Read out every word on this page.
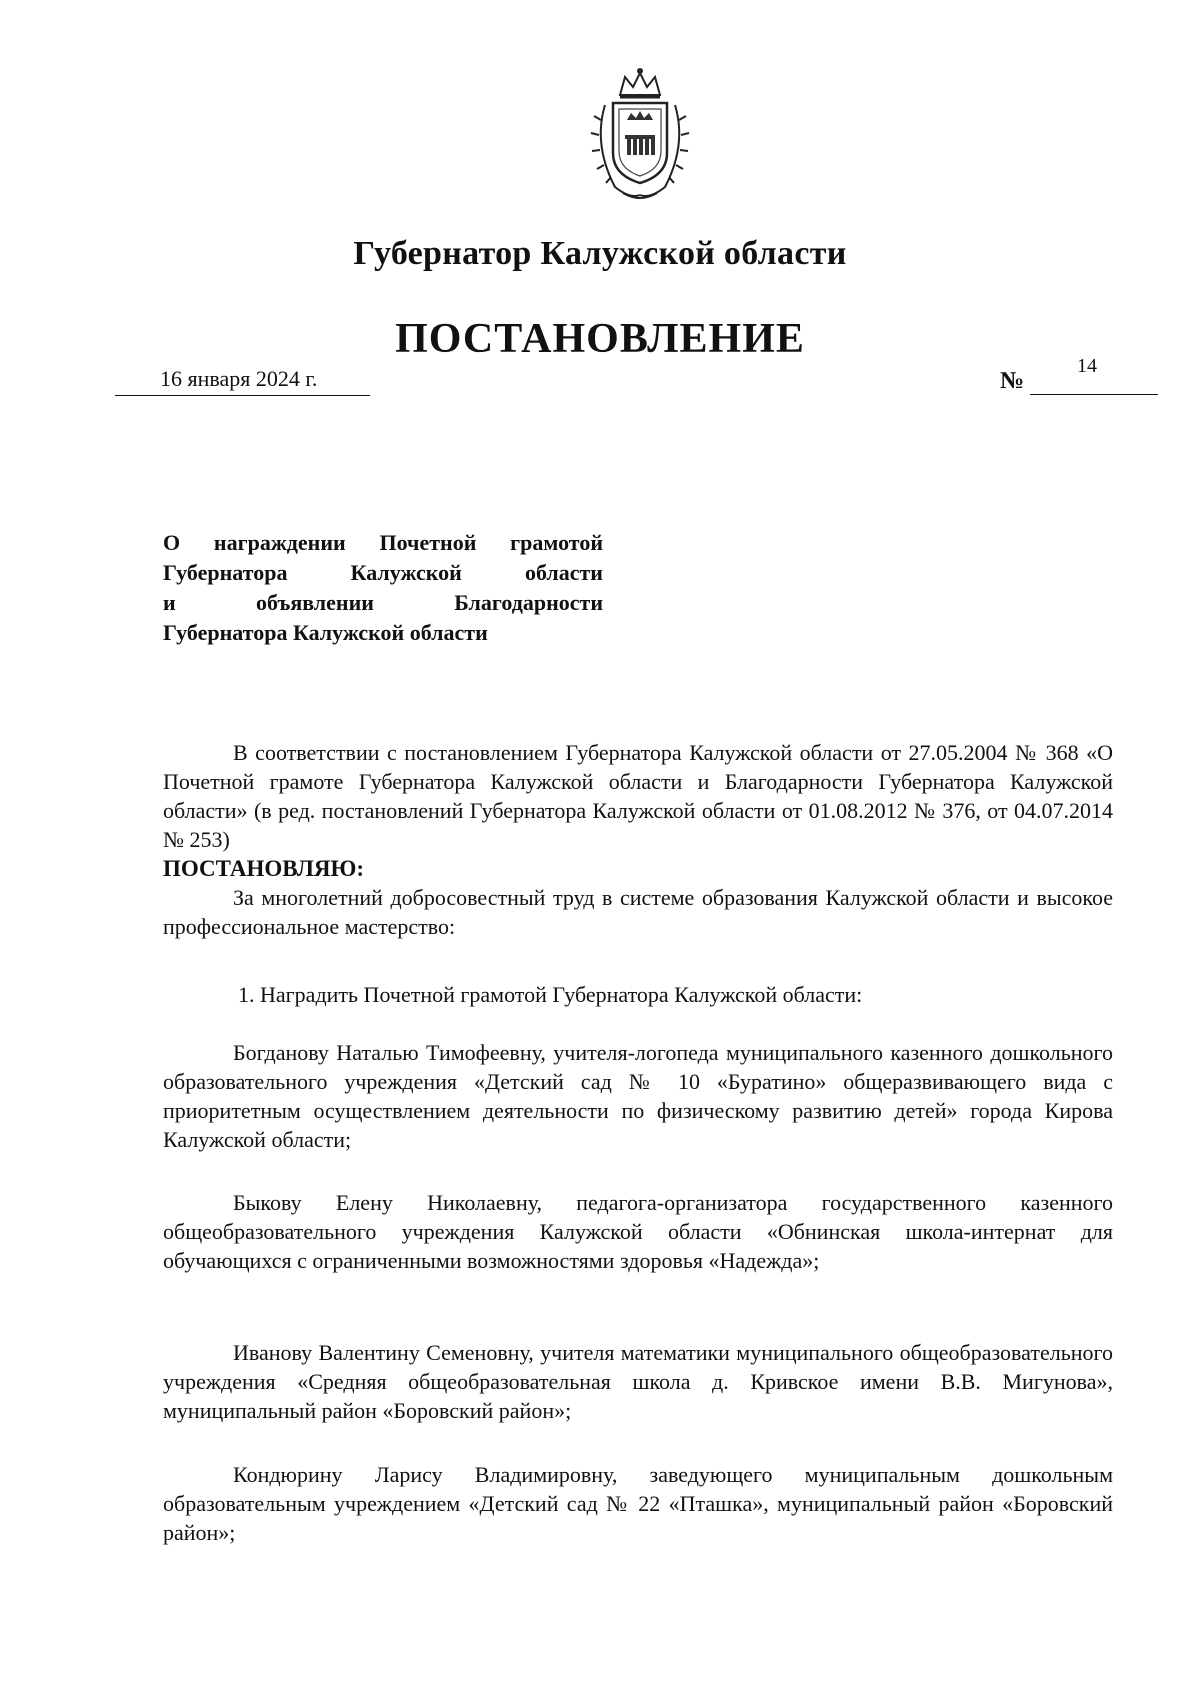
Губернатор Калужской области
ПОСТАНОВЛЕНИЕ
16 января 2024 г.	№
14
О награждении Почетной грамотой
Губернатора Калужской области
и объявлении Благодарности
Губернатора Калужской области

В соответствии с постановлением Губернатора Калужской области от 27.05.2004 № 368 «О Почетной грамоте Губернатора Калужской области и Благодарности Губернатора Калужской области» (в ред. постановлений Губернатора Калужской области от 01.08.2012 № 376, от 04.07.2014 № 253)

ПОСТАНОВЛЯЮ:

За многолетний добросовестный труд в системе образования Калужской области и высокое профессиональное мастерство:

1. Наградить Почетной грамотой Губернатора Калужской области:

Богданову Наталью Тимофеевну, учителя-логопеда муниципального казенного дошкольного образовательного учреждения «Детский сад № 10 «Буратино» общеразвивающего вида с приоритетным осуществлением деятельности по физическому развитию детей» города Кирова Калужской области;

Быкову Елену Николаевну, педагога-организатора государственного казенного общеобразовательного учреждения Калужской области «Обнинская школа-интернат для обучающихся с ограниченными возможностями здоровья «Надежда»;

Иванову Валентину Семеновну, учителя математики муниципального общеобразовательного учреждения «Средняя общеобразовательная школа д. Кривское имени В.В. Мигунова», муниципальный район «Боровский район»;

Кондюрину Ларису Владимировну, заведующего муниципальным дошкольным образовательным учреждением «Детский сад № 22 «Пташка», муниципальный район «Боровский район»;
